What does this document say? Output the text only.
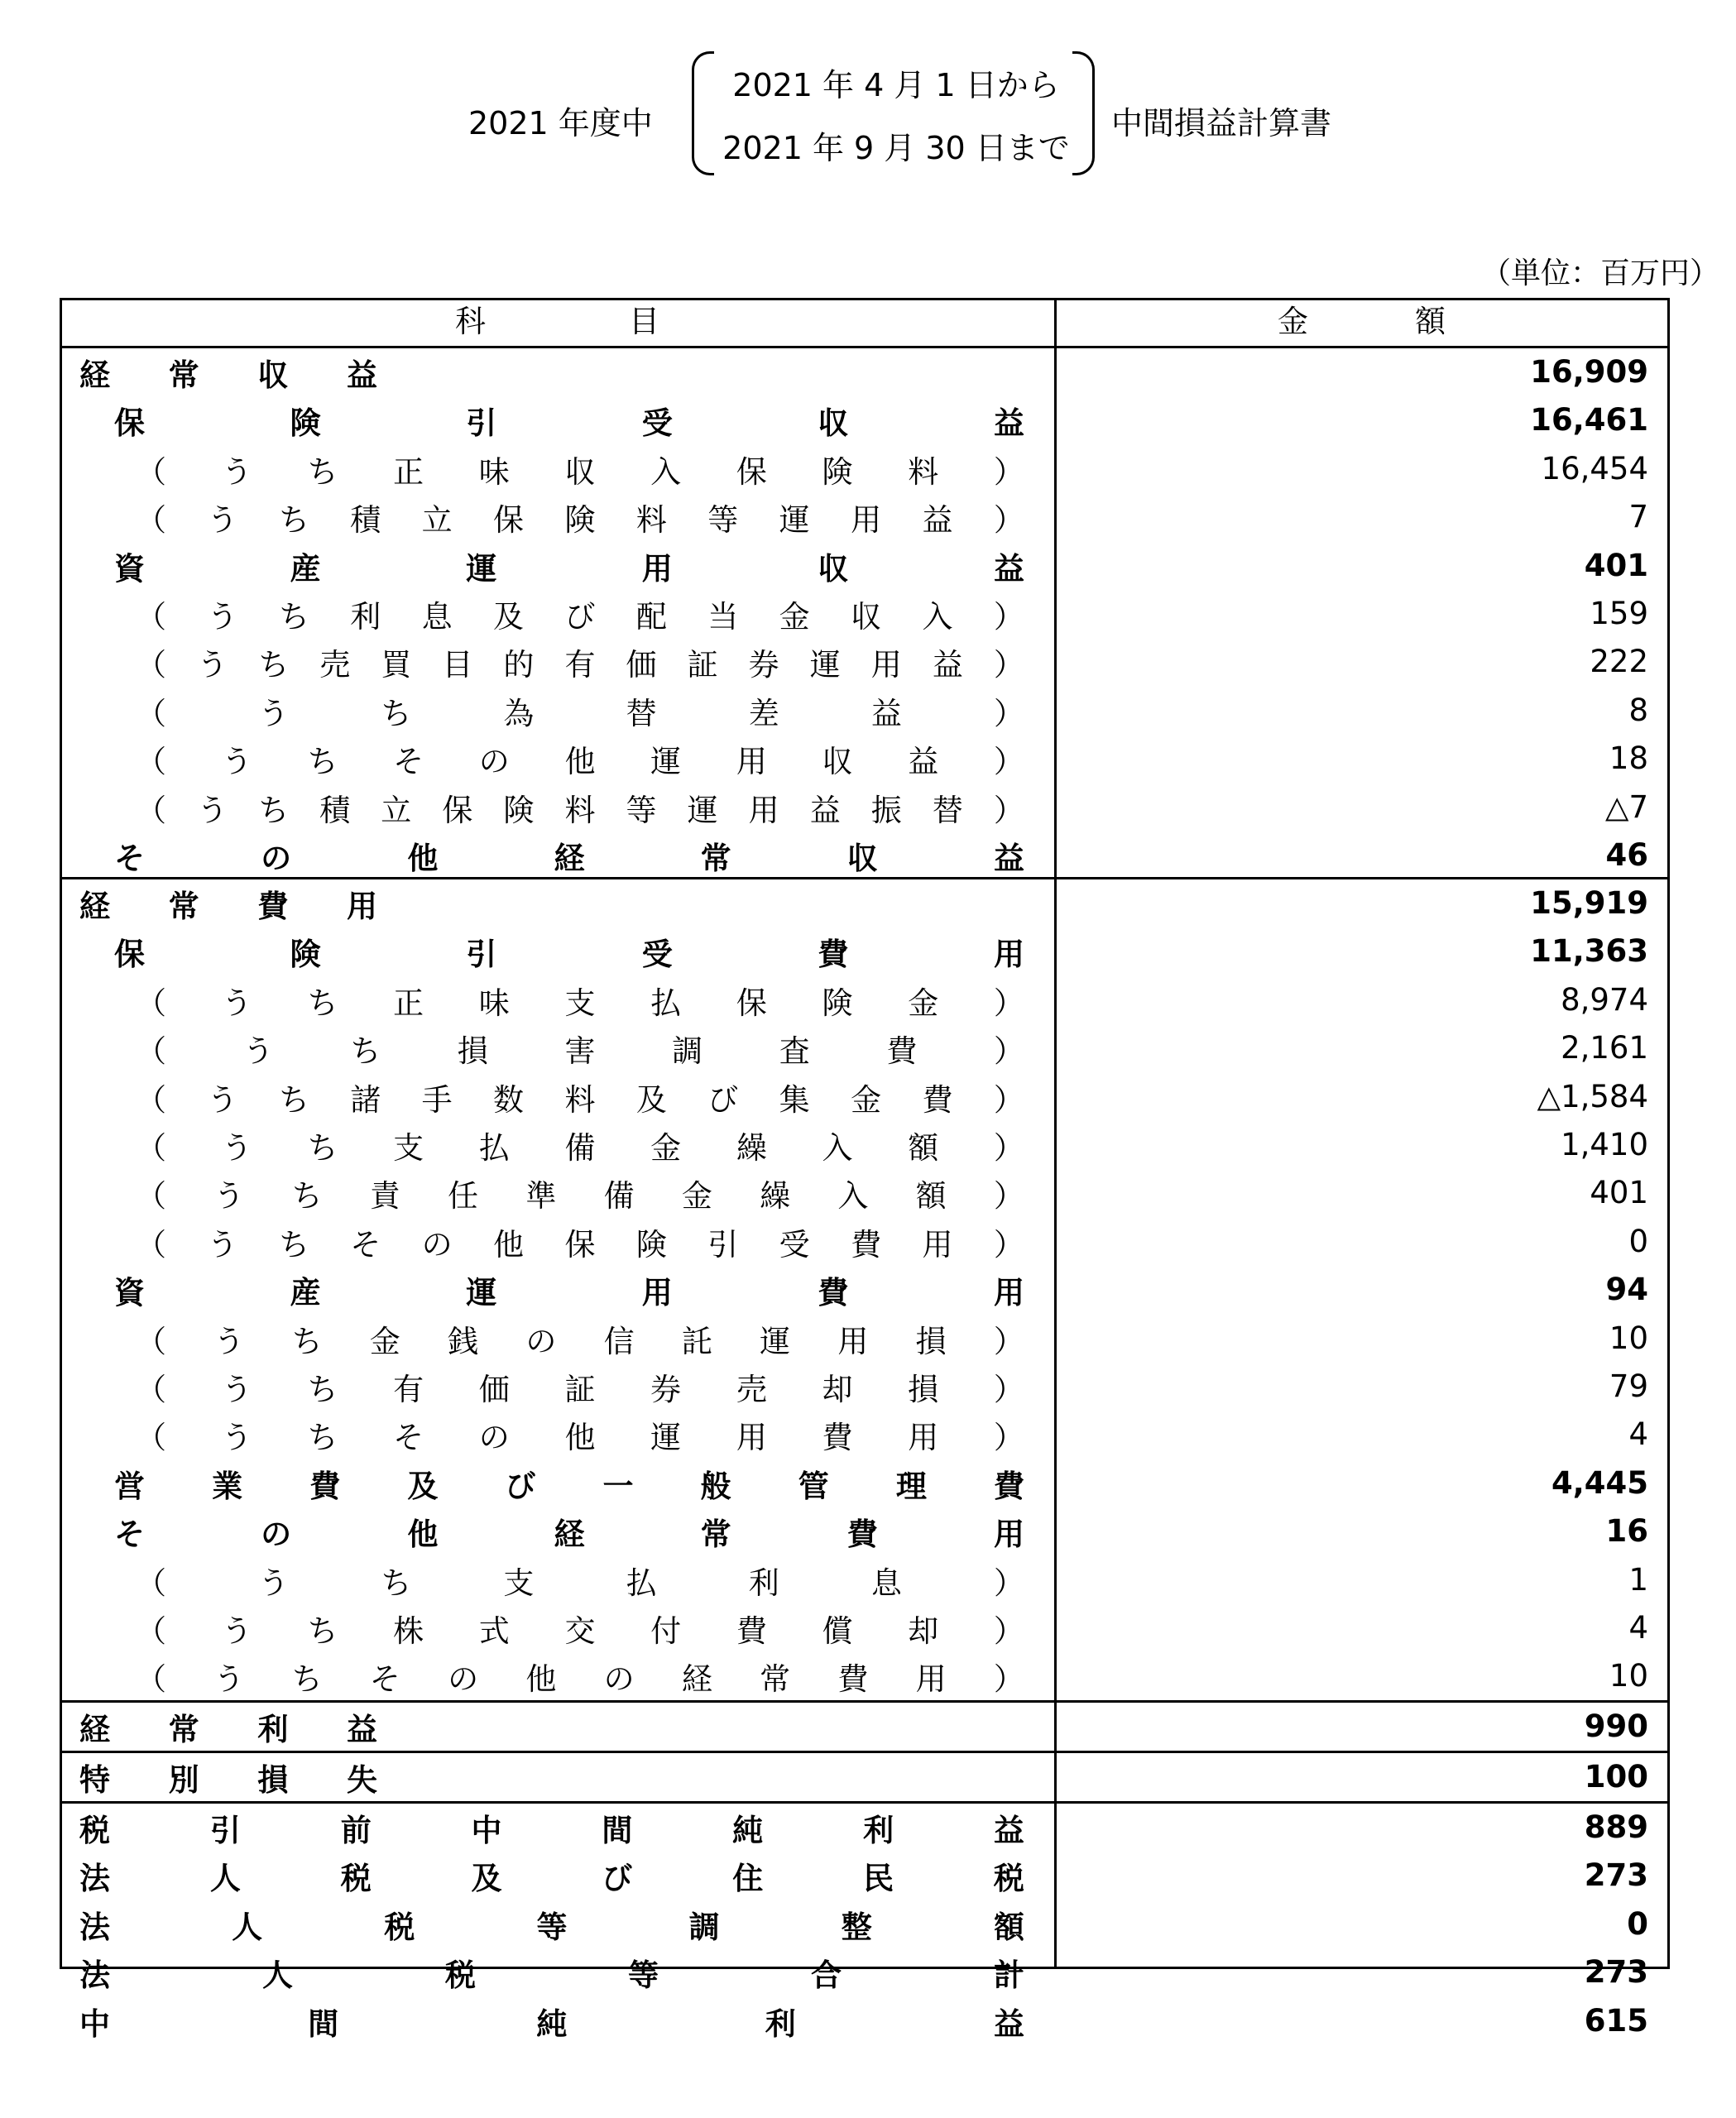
2021 年度中
2021 年 4 月 1 日から
2021 年 9 月 30 日まで
中間損益計算書
（単位：百万円）
科	目	金	額
経 常 収 益	16,909
保	険	引	受	収	益	16,461
（ う ち 正 味 収 入 保 険 料 ）	16,454
（ う ち 積 立 保 険 料 等 運 用 益 ）	7
資	産	運	用	収	益	401
（ う ち 利 息 及 び 配 当 金 収 入 ）	159
（ う ち 売 買 目 的 有 価 証 券 運 用 益 ）	222
（	う	ち	為	替	差	益	）	8
（ う ち そ の 他 運 用 収 益 ）	18
（ う ち 積 立 保 険 料 等 運 用 益 振 替 ）	△7
そ	の	他	経	常	収	益	46
経 常 費 用	15,919
保	険	引	受	費	用	11,363
（ う ち 正 味 支 払 保 険 金 ）	8,974
（	う	ち	損	害	調	査	費	）	2,161
（ う ち 諸 手 数 料 及 び 集 金 費 ）	△1,584
（ う ち 支 払 備 金 繰 入 額 ）	1,410
（ う ち 責 任 準 備 金 繰 入 額 ）	401
（ う ち そ の 他 保 険 引 受 費 用 ）	0
資	産	運	用	費	用	94
（ う ち 金 銭 の 信 託 運 用 損 ）	10
（ う ち 有 価 証 券 売 却 損 ）	79
（ う ち そ の 他 運 用 費 用 ）	4
営 業 費 及 び 一 般 管 理 費	4,445
そ	の	他	経	常	費	用	16
（	う	ち	支	払	利	息	）	1
（ う ち 株 式 交 付 費 償 却 ）	4
（ う ち そ の 他 の 経 常 費 用 ）	10
経 常 利 益	990
特 別 損 失	100
税	引	前	中	間	純	利	益	889
法	人	税	及	び	住	民	税	273
法	人	税	等	調	整	額	0
法	人	税	等	合	計	273
中	間	純	利	益	615
